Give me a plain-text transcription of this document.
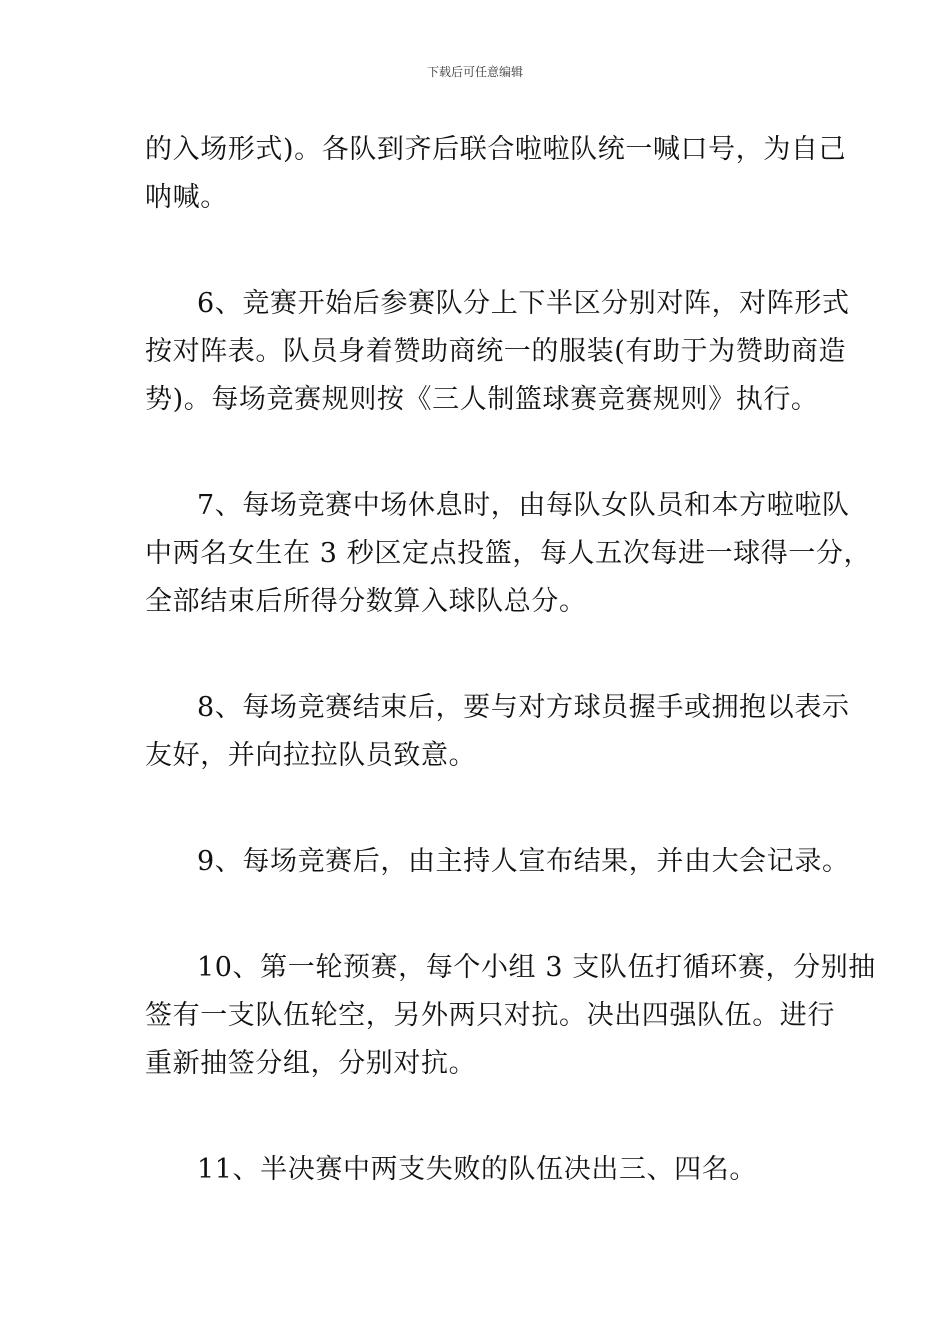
下载后可任意编辑

的入场形式)。各队到齐后联合啦啦队统一喊口号，为自己
呐喊。

6、竞赛开始后参赛队分上下半区分别对阵，对阵形式
按对阵表。队员身着赞助商统一的服装(有助于为赞助商造
势)。每场竞赛规则按《三人制篮球赛竞赛规则》执行。

7、每场竞赛中场休息时，由每队女队员和本方啦啦队
中两名女生在 3 秒区定点投篮，每人五次每进一球得一分，
全部结束后所得分数算入球队总分。

8、每场竞赛结束后，要与对方球员握手或拥抱以表示
友好，并向拉拉队员致意。

9、每场竞赛后，由主持人宣布结果，并由大会记录。

10、第一轮预赛，每个小组 3 支队伍打循环赛，分别抽
签有一支队伍轮空，另外两只对抗。决出四强队伍。进行
重新抽签分组，分别对抗。

11、半决赛中两支失败的队伍决出三、四名。
